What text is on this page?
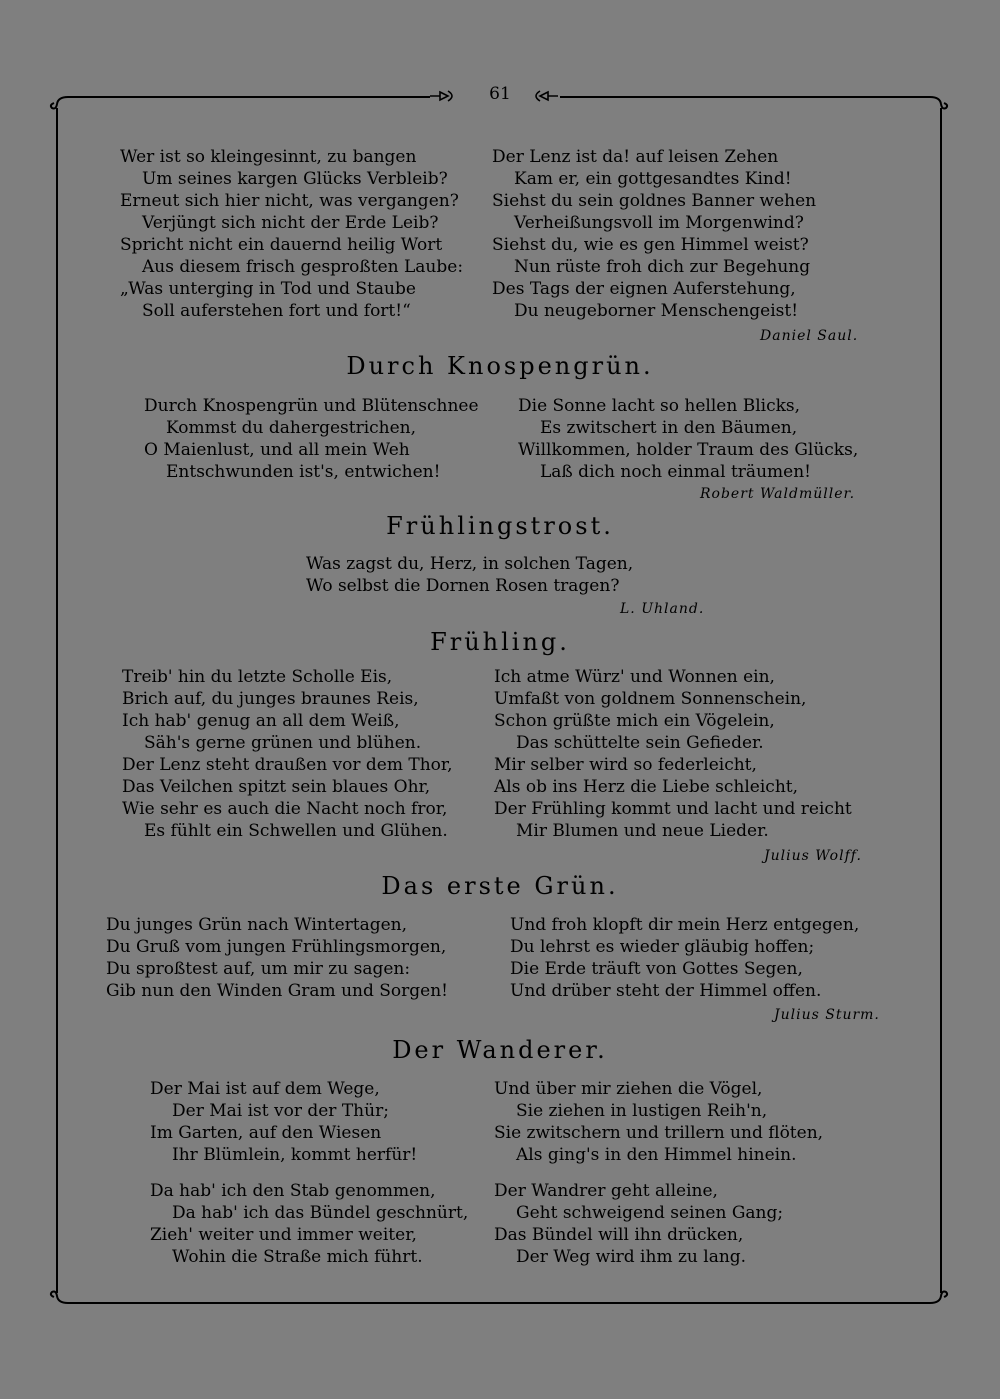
61
Wer ist so kleingesinnt, zu bangen
Um seines kargen Glücks Verbleib?
Erneut sich hier nicht, was vergangen?
Verjüngt sich nicht der Erde Leib?
Spricht nicht ein dauernd heilig Wort
Aus diesem frisch gesproßten Laube:
„Was unterging in Tod und Staube
Soll auferstehen fort und fort!“
Der Lenz ist da! auf leisen Zehen
Kam er, ein gottgesandtes Kind!
Siehst du sein goldnes Banner wehen
Verheißungsvoll im Morgenwind?
Siehst du, wie es gen Himmel weist?
Nun rüste froh dich zur Begehung
Des Tags der eignen Auferstehung,
Du neugeborner Menschengeist!
Daniel Saul.
Durch Knospengrün.
Durch Knospengrün und Blütenschnee
Kommst du dahergestrichen,
O Maienlust, und all mein Weh
Entschwunden ist's, entwichen!
Die Sonne lacht so hellen Blicks,
Es zwitschert in den Bäumen,
Willkommen, holder Traum des Glücks,
Laß dich noch einmal träumen!
Robert Waldmüller.
Frühlingstrost.
Was zagst du, Herz, in solchen Tagen,
Wo selbst die Dornen Rosen tragen?
L. Uhland.
Frühling.
Treib' hin du letzte Scholle Eis,
Brich auf, du junges braunes Reis,
Ich hab' genug an all dem Weiß,
Säh's gerne grünen und blühen.
Der Lenz steht draußen vor dem Thor,
Das Veilchen spitzt sein blaues Ohr,
Wie sehr es auch die Nacht noch fror,
Es fühlt ein Schwellen und Glühen.
Ich atme Würz' und Wonnen ein,
Umfaßt von goldnem Sonnenschein,
Schon grüßte mich ein Vögelein,
Das schüttelte sein Gefieder.
Mir selber wird so federleicht,
Als ob ins Herz die Liebe schleicht,
Der Frühling kommt und lacht und reicht
Mir Blumen und neue Lieder.
Julius Wolff.
Das erste Grün.
Du junges Grün nach Wintertagen,
Du Gruß vom jungen Frühlingsmorgen,
Du sproßtest auf, um mir zu sagen:
Gib nun den Winden Gram und Sorgen!
Und froh klopft dir mein Herz entgegen,
Du lehrst es wieder gläubig hoffen;
Die Erde träuft von Gottes Segen,
Und drüber steht der Himmel offen.
Julius Sturm.
Der Wanderer.
Der Mai ist auf dem Wege,
Der Mai ist vor der Thür;
Im Garten, auf den Wiesen
Ihr Blümlein, kommt herfür!
Da hab' ich den Stab genommen,
Da hab' ich das Bündel geschnürt,
Zieh' weiter und immer weiter,
Wohin die Straße mich führt.
Und über mir ziehen die Vögel,
Sie ziehen in lustigen Reih'n,
Sie zwitschern und trillern und flöten,
Als ging's in den Himmel hinein.
Der Wandrer geht alleine,
Geht schweigend seinen Gang;
Das Bündel will ihn drücken,
Der Weg wird ihm zu lang.
